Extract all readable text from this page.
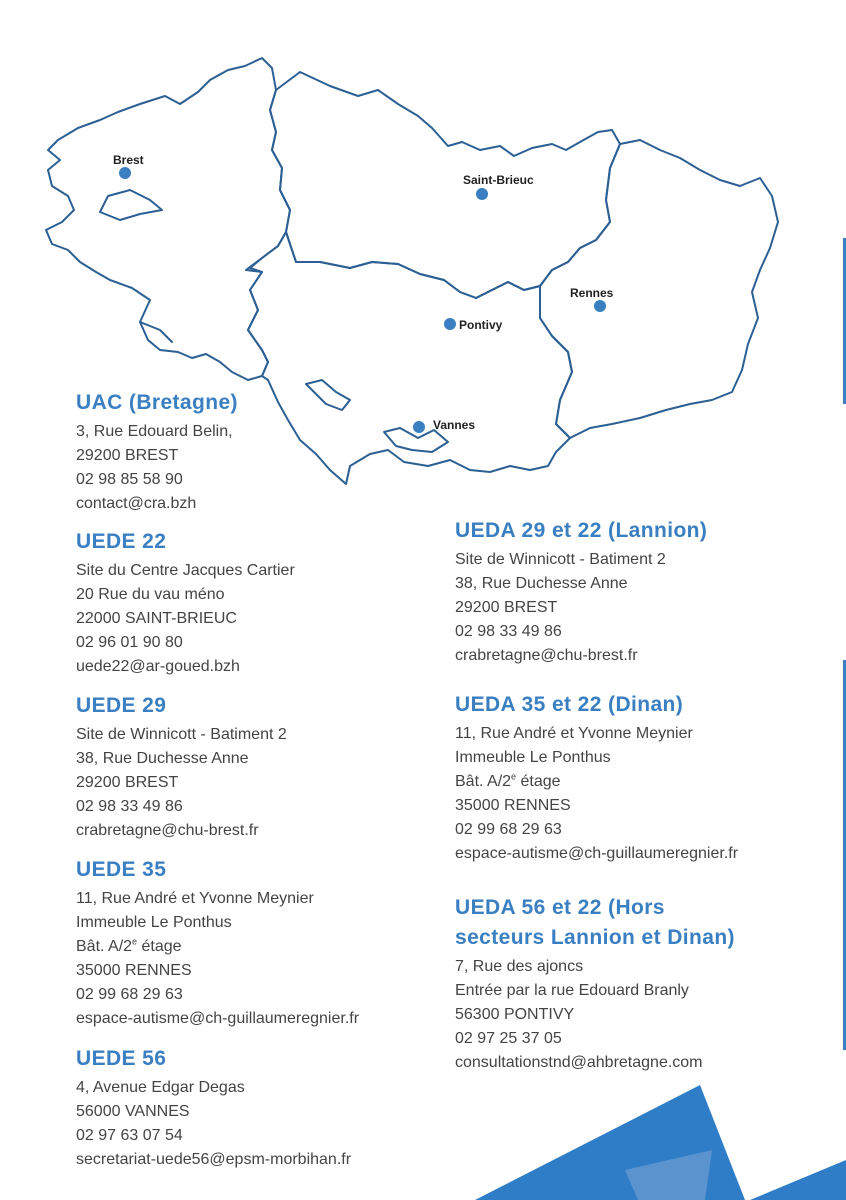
Brest
Saint-Brieuc
Rennes
Pontivy
Vannes
UAC (Bretagne)
3, Rue Edouard Belin,
29200 BREST
02 98 85 58 90
contact@cra.bzh
UEDE 22
Site du Centre Jacques Cartier
20 Rue du vau méno
22000 SAINT-BRIEUC
02 96 01 90 80
uede22@ar-goued.bzh
UEDE 29
Site de Winnicott - Batiment 2
38, Rue Duchesse Anne
29200 BREST
02 98 33 49 86
crabretagne@chu-brest.fr
UEDE 35
11, Rue André et Yvonne Meynier
Immeuble Le Ponthus
Bât. A/2e étage
35000 RENNES
02 99 68 29 63
espace-autisme@ch-guillaumeregnier.fr
UEDE 56
4, Avenue Edgar Degas
56000 VANNES
02 97 63 07 54
secretariat-uede56@epsm-morbihan.fr
UEDA 29 et 22 (Lannion)
Site de Winnicott - Batiment 2
38, Rue Duchesse Anne
29200 BREST
02 98 33 49 86
crabretagne@chu-brest.fr
UEDA 35 et 22 (Dinan)
11, Rue André et Yvonne Meynier
Immeuble Le Ponthus
Bât. A/2e étage
35000 RENNES
02 99 68 29 63
espace-autisme@ch-guillaumeregnier.fr
UEDA 56 et 22 (Hors
secteurs Lannion et Dinan)
7, Rue des ajoncs
Entrée par la rue Edouard Branly
56300 PONTIVY
02 97 25 37 05
consultationstnd@ahbretagne.com
